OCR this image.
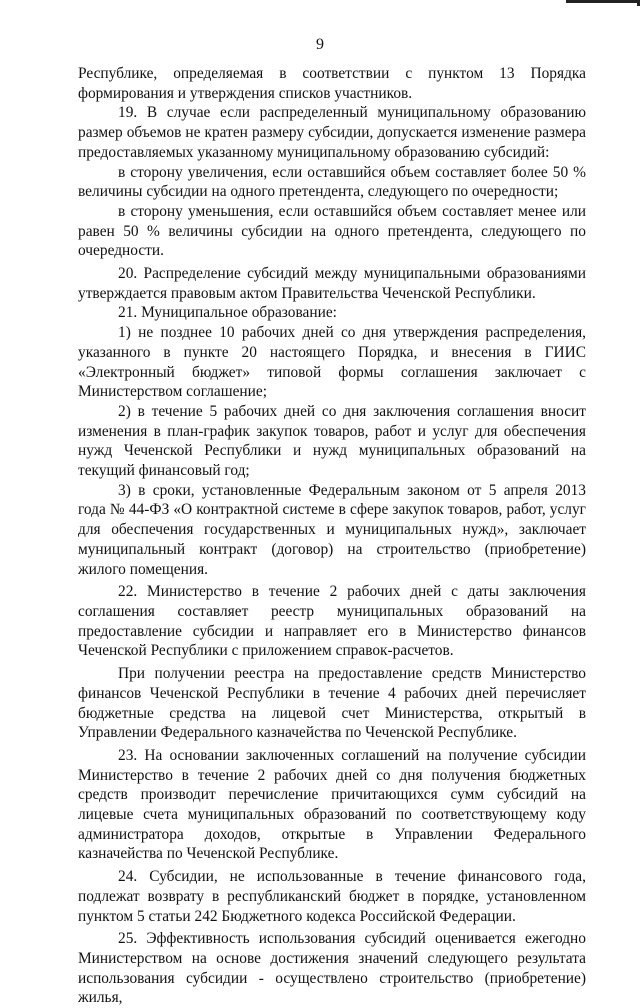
9

Республике, определяемая в соответствии с пунктом 13 Порядка формирования и утверждения списков участников.

19. В случае если распределенный муниципальному образованию размер объемов не кратен размеру субсидии, допускается изменение размера предоставляемых указанному муниципальному образованию субсидий:

в сторону увеличения, если оставшийся объем составляет более 50 % величины субсидии на одного претендента, следующего по очередности;

в сторону уменьшения, если оставшийся объем составляет менее или равен 50 % величины субсидии на одного претендента, следующего по очередности.

20. Распределение субсидий между муниципальными образованиями утверждается правовым актом Правительства Чеченской Республики.

21. Муниципальное образование:

1) не позднее 10 рабочих дней со дня утверждения распределения, указанного в пункте 20 настоящего Порядка, и внесения в ГИИС «Электронный бюджет» типовой формы соглашения заключает с Министерством соглашение;

2) в течение 5 рабочих дней со дня заключения соглашения вносит изменения в план-график закупок товаров, работ и услуг для обеспечения нужд Чеченской Республики и нужд муниципальных образований на текущий финансовый год;

3) в сроки, установленные Федеральным законом от 5 апреля 2013 года № 44-ФЗ «О контрактной системе в сфере закупок товаров, работ, услуг для обеспечения государственных и муниципальных нужд», заключает муниципальный контракт (договор) на строительство (приобретение) жилого помещения.

22. Министерство в течение 2 рабочих дней с даты заключения соглашения составляет реестр муниципальных образований на предоставление субсидии и направляет его в Министерство финансов Чеченской Республики с приложением справок-расчетов.

При получении реестра на предоставление средств Министерство финансов Чеченской Республики в течение 4 рабочих дней перечисляет бюджетные средства на лицевой счет Министерства, открытый в Управлении Федерального казначейства по Чеченской Республике.

23. На основании заключенных соглашений на получение субсидии Министерство в течение 2 рабочих дней со дня получения бюджетных средств производит перечисление причитающихся сумм субсидий на лицевые счета муниципальных образований по соответствующему коду администратора доходов, открытые в Управлении Федерального казначейства по Чеченской Республике.

24. Субсидии, не использованные в течение финансового года, подлежат возврату в республиканский бюджет в порядке, установленном пунктом 5 статьи 242 Бюджетного кодекса Российской Федерации.

25. Эффективность использования субсидий оценивается ежегодно Министерством на основе достижения значений следующего результата использования субсидии - осуществлено строительство (приобретение) жилья,
